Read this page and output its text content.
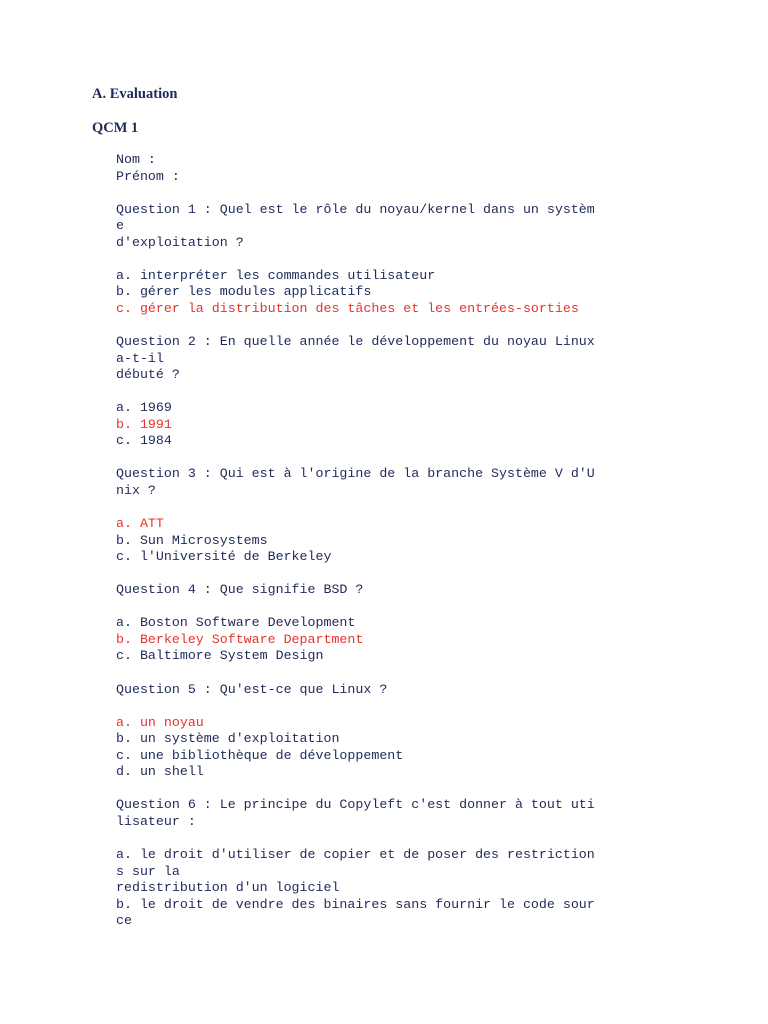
A. Evaluation
QCM 1
Nom :
Prénom :
Question 1 : Quel est le rôle du noyau/kernel dans un systèm
e
d'exploitation ?
a. interpréter les commandes utilisateur
b. gérer les modules applicatifs
c. gérer la distribution des tâches et les entrées-sorties
Question 2 : En quelle année le développement du noyau Linux
a-t-il
débuté ?
a. 1969
b. 1991
c. 1984
Question 3 : Qui est à l'origine de la branche Système V d'U
nix ?
a. ATT
b. Sun Microsystems
c. l'Université de Berkeley
Question 4 : Que signifie BSD ?
a. Boston Software Development
b. Berkeley Software Department
c. Baltimore System Design
Question 5 : Qu'est-ce que Linux ?
a. un noyau
b. un système d'exploitation
c. une bibliothèque de développement
d. un shell
Question 6 : Le principe du Copyleft c'est donner à tout uti
lisateur :
a. le droit d'utiliser de copier et de poser des restriction
s sur la
redistribution d'un logiciel
b. le droit de vendre des binaires sans fournir le code sour
ce
